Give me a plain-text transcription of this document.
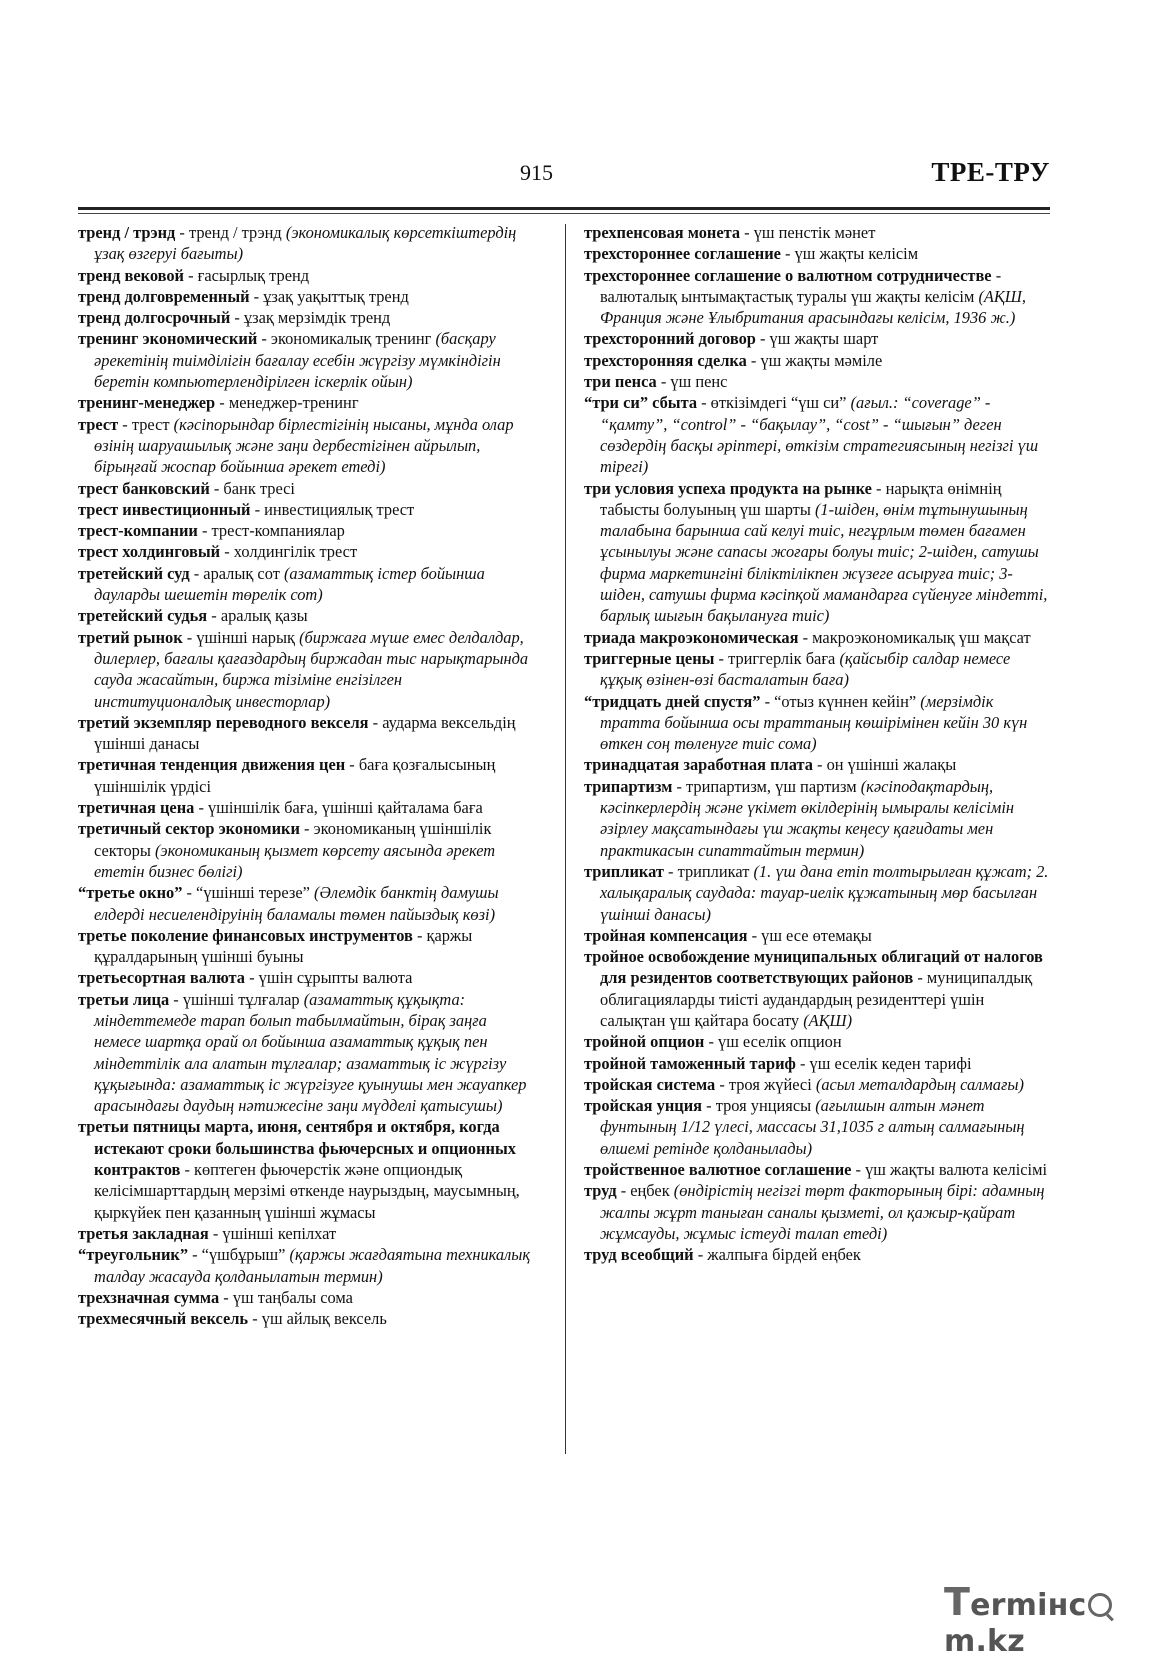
915	ТРЕ-ТРУ

тренд / трэнд - тренд / трэнд (экономикалық көрсеткіштердің ұзақ өзгеруі бағыты)

тренд вековой - ғасырлық тренд

тренд долговременный - ұзақ уақыттық тренд

тренд долгосрочный - ұзақ мерзімдік тренд

тренинг экономический - экономикалық тренинг (басқару әрекетінің тиімділігін бағалау есебін жүргізу мүмкіндігін беретін компьютерлендірілген іскерлік ойын)

тренинг-менеджер - менеджер-тренинг

трест - трест (кәсіпорындар бірлестігінің нысаны, мұнда олар өзінің шаруашылық және заңи дербестігінен айрылып, бірыңғай жоспар бойынша әрекет етеді)

трест банковский - банк тресі

трест инвестиционный - инвестициялық трест

трест-компании - трест-компаниялар

трест холдинговый - холдингілік трест

третейский суд - аралық сот (азаматтық істер бойынша дауларды шешетін төрелік сот)

третейский судья - аралық қазы

третий рынок - үшінші нарық (биржаға мүше емес делдалдар, дилерлер, бағалы қағаздардың биржадан тыс нарықтарында сауда жасайтын, биржа тізіміне енгізілген институционалдық инвесторлар)

третий экземпляр переводного векселя - аударма вексельдің үшінші данасы

третичная тенденция движения цен - баға қозғалысының үшіншілік үрдісі

третичная цена - үшіншілік баға, үшінші қайталама баға

третичный сектор экономики - экономиканың үшіншілік секторы (экономиканың қызмет көрсету аясында әрекет ететін бизнес бөлігі)

“третье окно” - “үшінші терезе” (Әлемдік банктің дамушы елдерді несиелендіруінің баламалы төмен пайыздық көзі)

третье поколение финансовых инструментов - қаржы құралдарының үшінші буыны

третьесортная валюта - үшін сұрыпты валюта

третьи лица - үшінші тұлғалар (азаматтық құқықта: міндеттемеде тарап болып табылмайтын, бірақ заңға немесе шартқа орай ол бойынша азаматтық құқық пен міндеттілік ала алатын тұлғалар; азаматтық іс жүргізу құқығында: азаматтық іс жүргізуге қуынушы мен жауапкер арасындағы даудың нәтижесіне заңи мүдделі қатысушы)

третьи пятницы марта, июня, сентября и октября, когда истекают сроки большинства фьючерсных и опционных контрактов - көптеген фьючерстік және опциондық келісімшарттардың мерзімі өткенде наурыздың, маусымның, қыркүйек пен қазанның үшінші жұмасы

третья закладная - үшінші кепілхат

“треугольник” - “үшбұрыш” (қаржы жағдаятына техникалық талдау жасауда қолданылатын термин)

трехзначная сумма - үш таңбалы сома

трехмесячный вексель - үш айлық вексель

трехпенсовая монета - үш пенстік мәнет

трехстороннее соглашение - үш жақты келісім

трехстороннее соглашение о валютном сотрудничестве - валюталық ынтымақтастық туралы үш жақты келісім (АҚШ, Франция және Ұлыбритания арасындағы келісім, 1936 ж.)

трехсторонний договор - үш жақты шарт

трехсторонняя сделка - үш жақты мәміле

три пенса - үш пенс

“три си” сбыта - өткізімдегі “үш си” (ағыл.: “coverage” - “қамту”, “control” - “бақылау”, “cost” - “шығын” деген сөздердің басқы әріптері, өткізім стратегиясының негізгі үш тірегі)

три условия успеха продукта на рынке - нарықта өнімнің табысты болуының үш шарты (1-шіден, өнім тұтынушының талабына барынша сай келуі тиіс, негұрлым төмен бағамен ұсынылуы және сапасы жоғары болуы тиіс; 2-шіден, сатушы фирма маркетингіні біліктілікпен жүзеге асыруға тиіс; 3-шіден, сатушы фирма кәсіпқой мамандарға сүйенуге міндетті, барлық шығын бақылануға тиіс)

триада макроэкономическая - макроэкономикалық үш мақсат

триггерные цены - триггерлік баға (қайсыбір салдар немесе құқық өзінен-өзі басталатын баға)

“тридцать дней спустя” - “отыз күннен кейін” (мерзімдік тратта бойынша осы траттаның көшірімінен кейін 30 күн өткен соң төленуге тиіс сома)

тринадцатая заработная плата - он үшінші жалақы

трипартизм - трипартизм, үш партизм (кәсіподақтардың, кәсіпкерлердің және үкімет өкілдерінің ымыралы келісімін әзірлеу мақсатындағы үш жақты кеңесу қағидаты мен практикасын сипаттайтын термин)

трипликат - трипликат (1. үш дана етіп толтырылған құжат; 2. халықаралық саудада: тауар-иелік құжатының мөр басылған үшінші данасы)

тройная компенсация - үш есе өтемақы

тройное освобождение муниципальных облигаций от налогов для резидентов соответствующих районов - муниципалдық облигацияларды тиісті аудандардың резиденттері үшін салықтан үш қайтара босату (АҚШ)

тройной опцион - үш еселік опцион

тройной таможенный тариф - үш еселік кеден тарифі

тройская система - троя жүйесі (асыл металдардың салмағы)

тройская унция - троя унциясы (ағылшын алтын мәнет фунтының 1/12 үлесі, массасы 31,1035 г алтың салмағының өлшемі ретінде қолданылады)

тройственное валютное соглашение - үш жақты валюта келісімі

труд - еңбек (өндірістің негізгі төрт факторының бірі: адамның жалпы жұрт таныған саналы қызметі, ол қажыр-қайрат жұмсауды, жұмыс істеуді талап етеді)

труд всеобщий - жалпыға бірдей еңбек

Termінcm.kz
